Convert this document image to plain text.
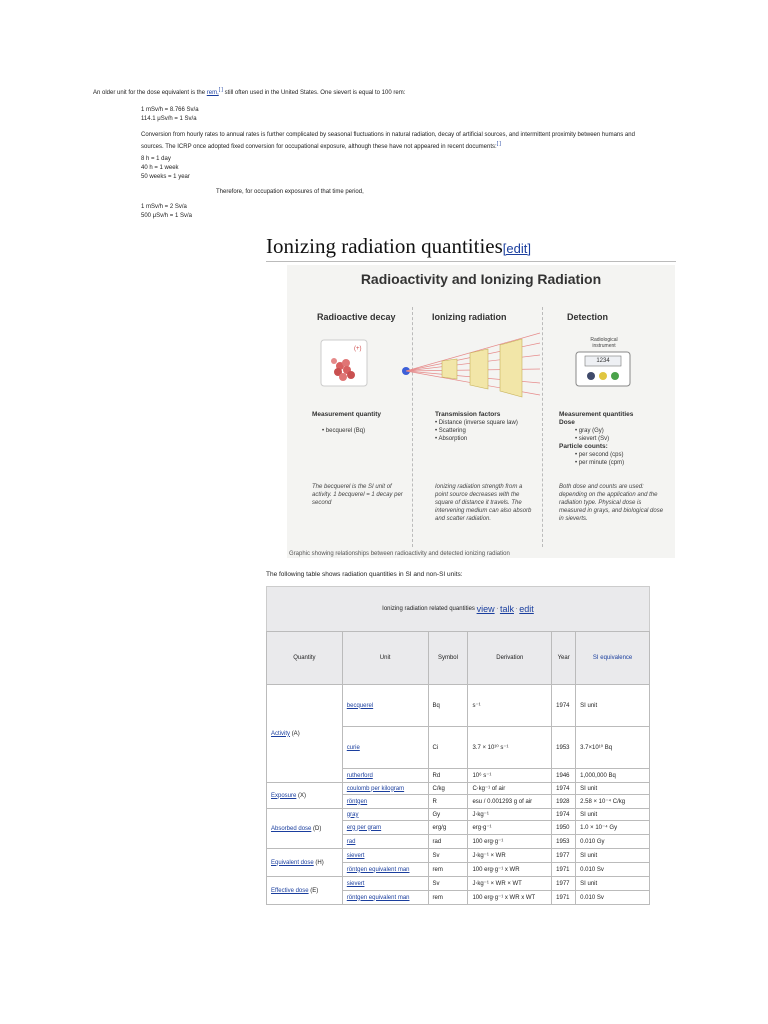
An older unit for the dose equivalent is the rem,[ ] still often used in the United States. One sievert is equal to 100 rem:
1 mSv/h = 8.766 Sv/a
114.1 μSv/h = 1 Sv/a
Conversion from hourly rates to annual rates is further complicated by seasonal fluctuations in natural radiation, decay of artificial sources, and intermittent proximity between humans and sources. The ICRP once adopted fixed conversion for occupational exposure, although these have not appeared in recent documents:[ ]
8 h = 1 day
40 h = 1 week
50 weeks = 1 year
Therefore, for occupation exposures of that time period,
1 mSv/h = 2 Sv/a
500 μSv/h = 1 Sv/a
Ionizing radiation quantities[edit]
Radioactivity and Ionizing Radiation
Radioactive decay	Ionizing radiation	Detection
(+)
Radiological instrument
1234
Measurement quantity
• becquerel (Bq)
The becquerel is the SI unit of activity. 1 becquerel = 1 decay per second
Transmission factors
• Distance (inverse square law)
• Scattering
• Absorption
Ionizing radiation strength from a point source decreases with the square of distance it travels. The intervening medium can also absorb and scatter radiation.
Measurement quantities
Dose
• gray (Gy)
• sievert (Sv)
Particle counts:
• per second (cps)
• per minute (cpm)
Both dose and counts are used: depending on the application and the radiation type. Physical dose is measured in grays, and biological dose in sieverts.
Graphic showing relationships between radioactivity and detected ionizing radiation
The following table shows radiation quantities in SI and non-SI units:
Ionizing radiation related quantities
view · talk · edit
Quantity	Unit	Symbol	Derivation	Year	SI equivalence
Activity (A)	becquerel	Bq	s⁻¹	1974	SI unit
	curie	Ci	3.7 × 10¹⁰ s⁻¹	1953	3.7×10¹⁰ Bq
	rutherford	Rd	10⁶ s⁻¹	1946	1,000,000 Bq
Exposure (X)	coulomb per kilogram	C/kg	C⋅kg⁻¹ of air	1974	SI unit
	röntgen	R	esu / 0.001293 g of air	1928	2.58 × 10⁻⁴ C/kg
Absorbed dose (D)	gray	Gy	J⋅kg⁻¹	1974	SI unit
	erg per gram	erg/g	erg⋅g⁻¹	1950	1.0 × 10⁻⁴ Gy
	rad	rad	100 erg⋅g⁻¹	1953	0.010 Gy
Equivalent dose (H)	sievert	Sv	J⋅kg⁻¹ × WR	1977	SI unit
	röntgen equivalent man	rem	100 erg⋅g⁻¹ x WR	1971	0.010 Sv
Effective dose (E)	sievert	Sv	J⋅kg⁻¹ × WR × WT	1977	SI unit
	röntgen equivalent man	rem	100 erg⋅g⁻¹ x WR x WT	1971	0.010 Sv
